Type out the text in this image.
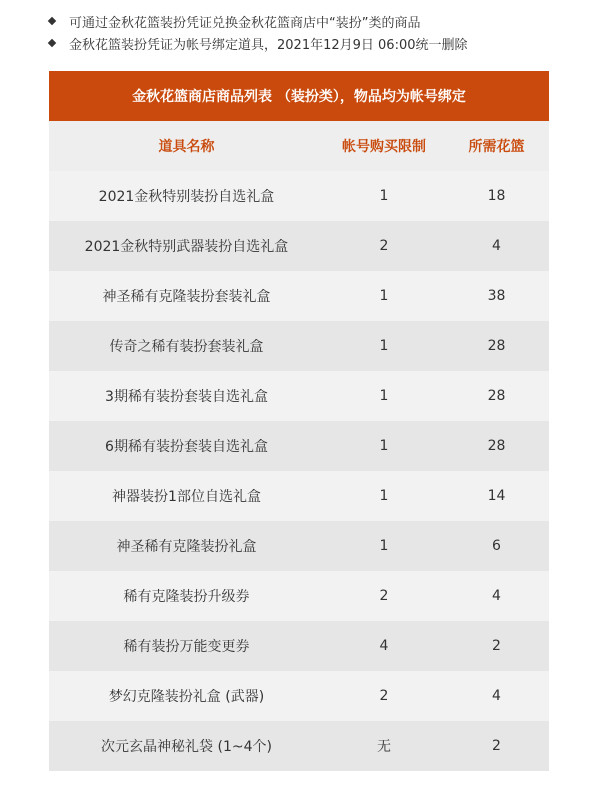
可通过金秋花篮装扮凭证兑换金秋花篮商店中“装扮”类的商品
金秋花篮装扮凭证为帐号绑定道具，2021年12月9日 06:00统一删除
金秋花篮商店商品列表 （装扮类），物品均为帐号绑定
道具名称	帐号购买限制	所需花篮
2021金秋特别装扮自选礼盒	1	18
2021金秋特别武器装扮自选礼盒	2	4
神圣稀有克隆装扮套装礼盒	1	38
传奇之稀有装扮套装礼盒	1	28
3期稀有装扮套装自选礼盒	1	28
6期稀有装扮套装自选礼盒	1	28
神器装扮1部位自选礼盒	1	14
神圣稀有克隆装扮礼盒	1	6
稀有克隆装扮升级券	2	4
稀有装扮万能变更券	4	2
梦幻克隆装扮礼盒 (武器)	2	4
次元玄晶神秘礼袋 (1~4个)	无	2
